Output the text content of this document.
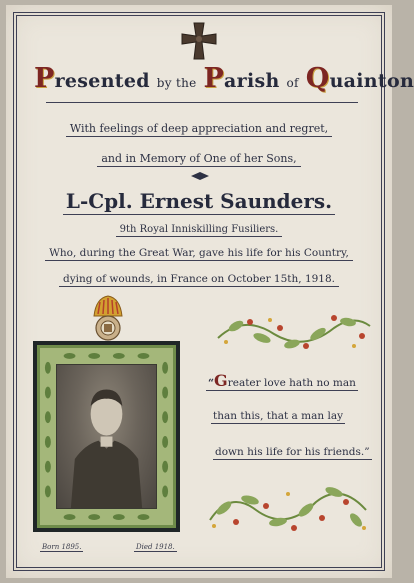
Presented by the Parish of Quainton
With feelings of deep appreciation and regret,
and in Memory of One of her Sons,
L-Cpl. Ernest Saunders.
9th Royal Inniskilling Fusiliers.
Who, during the Great War, gave his life for his Country,
dying of wounds, in France on October 15th, 1918.
Born 1895.	Died 1918.
“Greater love hath no man
than this, that a man lay
down his life for his friends.”
